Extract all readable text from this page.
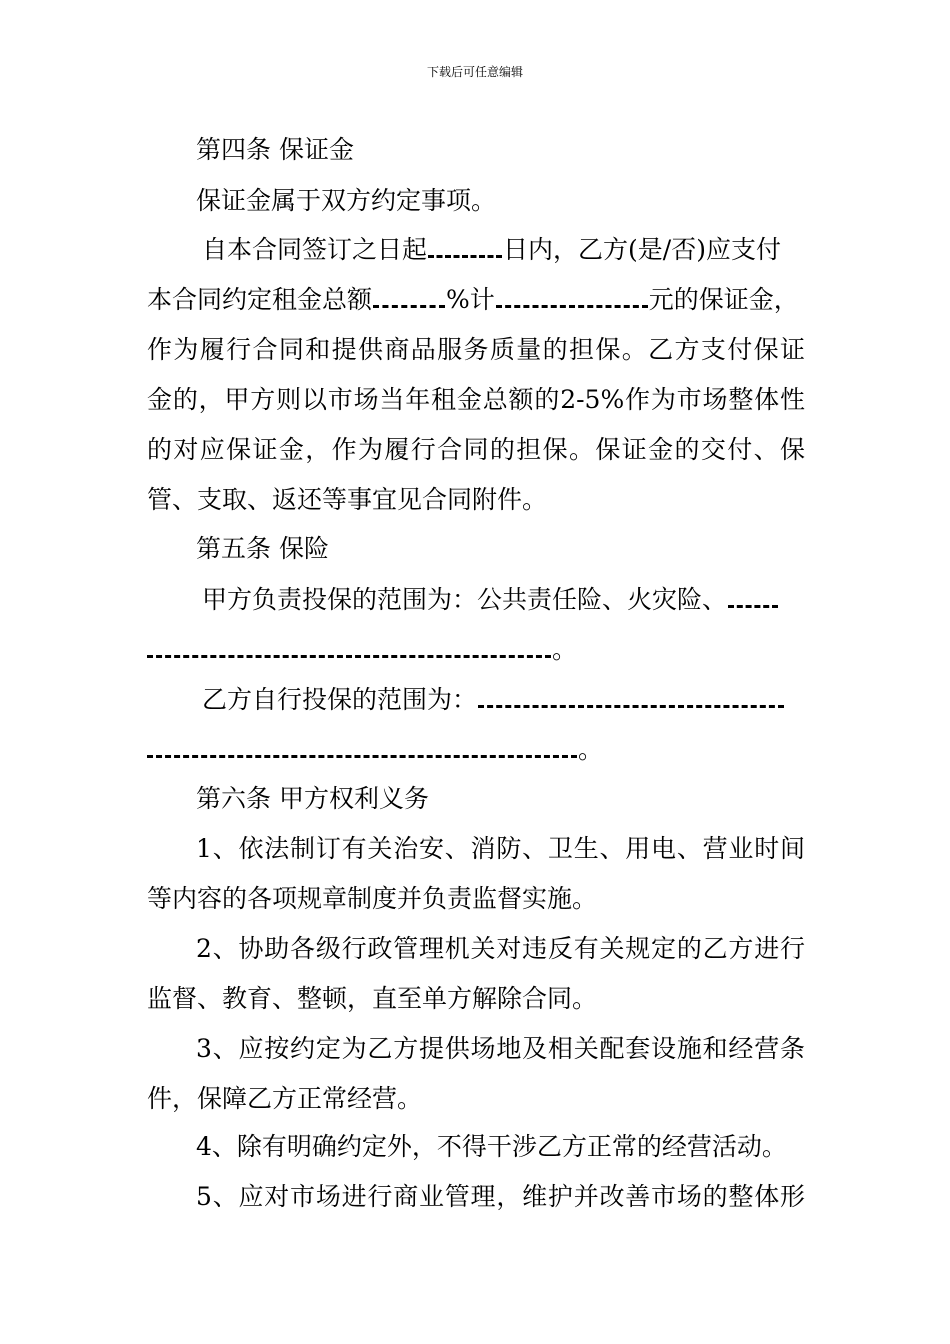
下载后可任意编辑
第四条 保证金
保证金属于双方约定事项。
自本合同签订之日起	日内，乙方(是/否)应支付
本合同约定租金总额	%计	元的保证金，
作为履行合同和提供商品服务质量的担保。乙方支付保证
金的，甲方则以市场当年租金总额的2-5%作为市场整体性
的对应保证金，作为履行合同的担保。保证金的交付、保
管、支取、返还等事宜见合同附件。
第五条 保险
甲方负责投保的范围为：公共责任险、火灾险、
。
乙方自行投保的范围为：
。
第六条 甲方权利义务
1、依法制订有关治安、消防、卫生、用电、营业时间
等内容的各项规章制度并负责监督实施。
2、协助各级行政管理机关对违反有关规定的乙方进行
监督、教育、整顿，直至单方解除合同。
3、应按约定为乙方提供场地及相关配套设施和经营条
件，保障乙方正常经营。
4、除有明确约定外，不得干涉乙方正常的经营活动。
5、应对市场进行商业管理，维护并改善市场的整体形
